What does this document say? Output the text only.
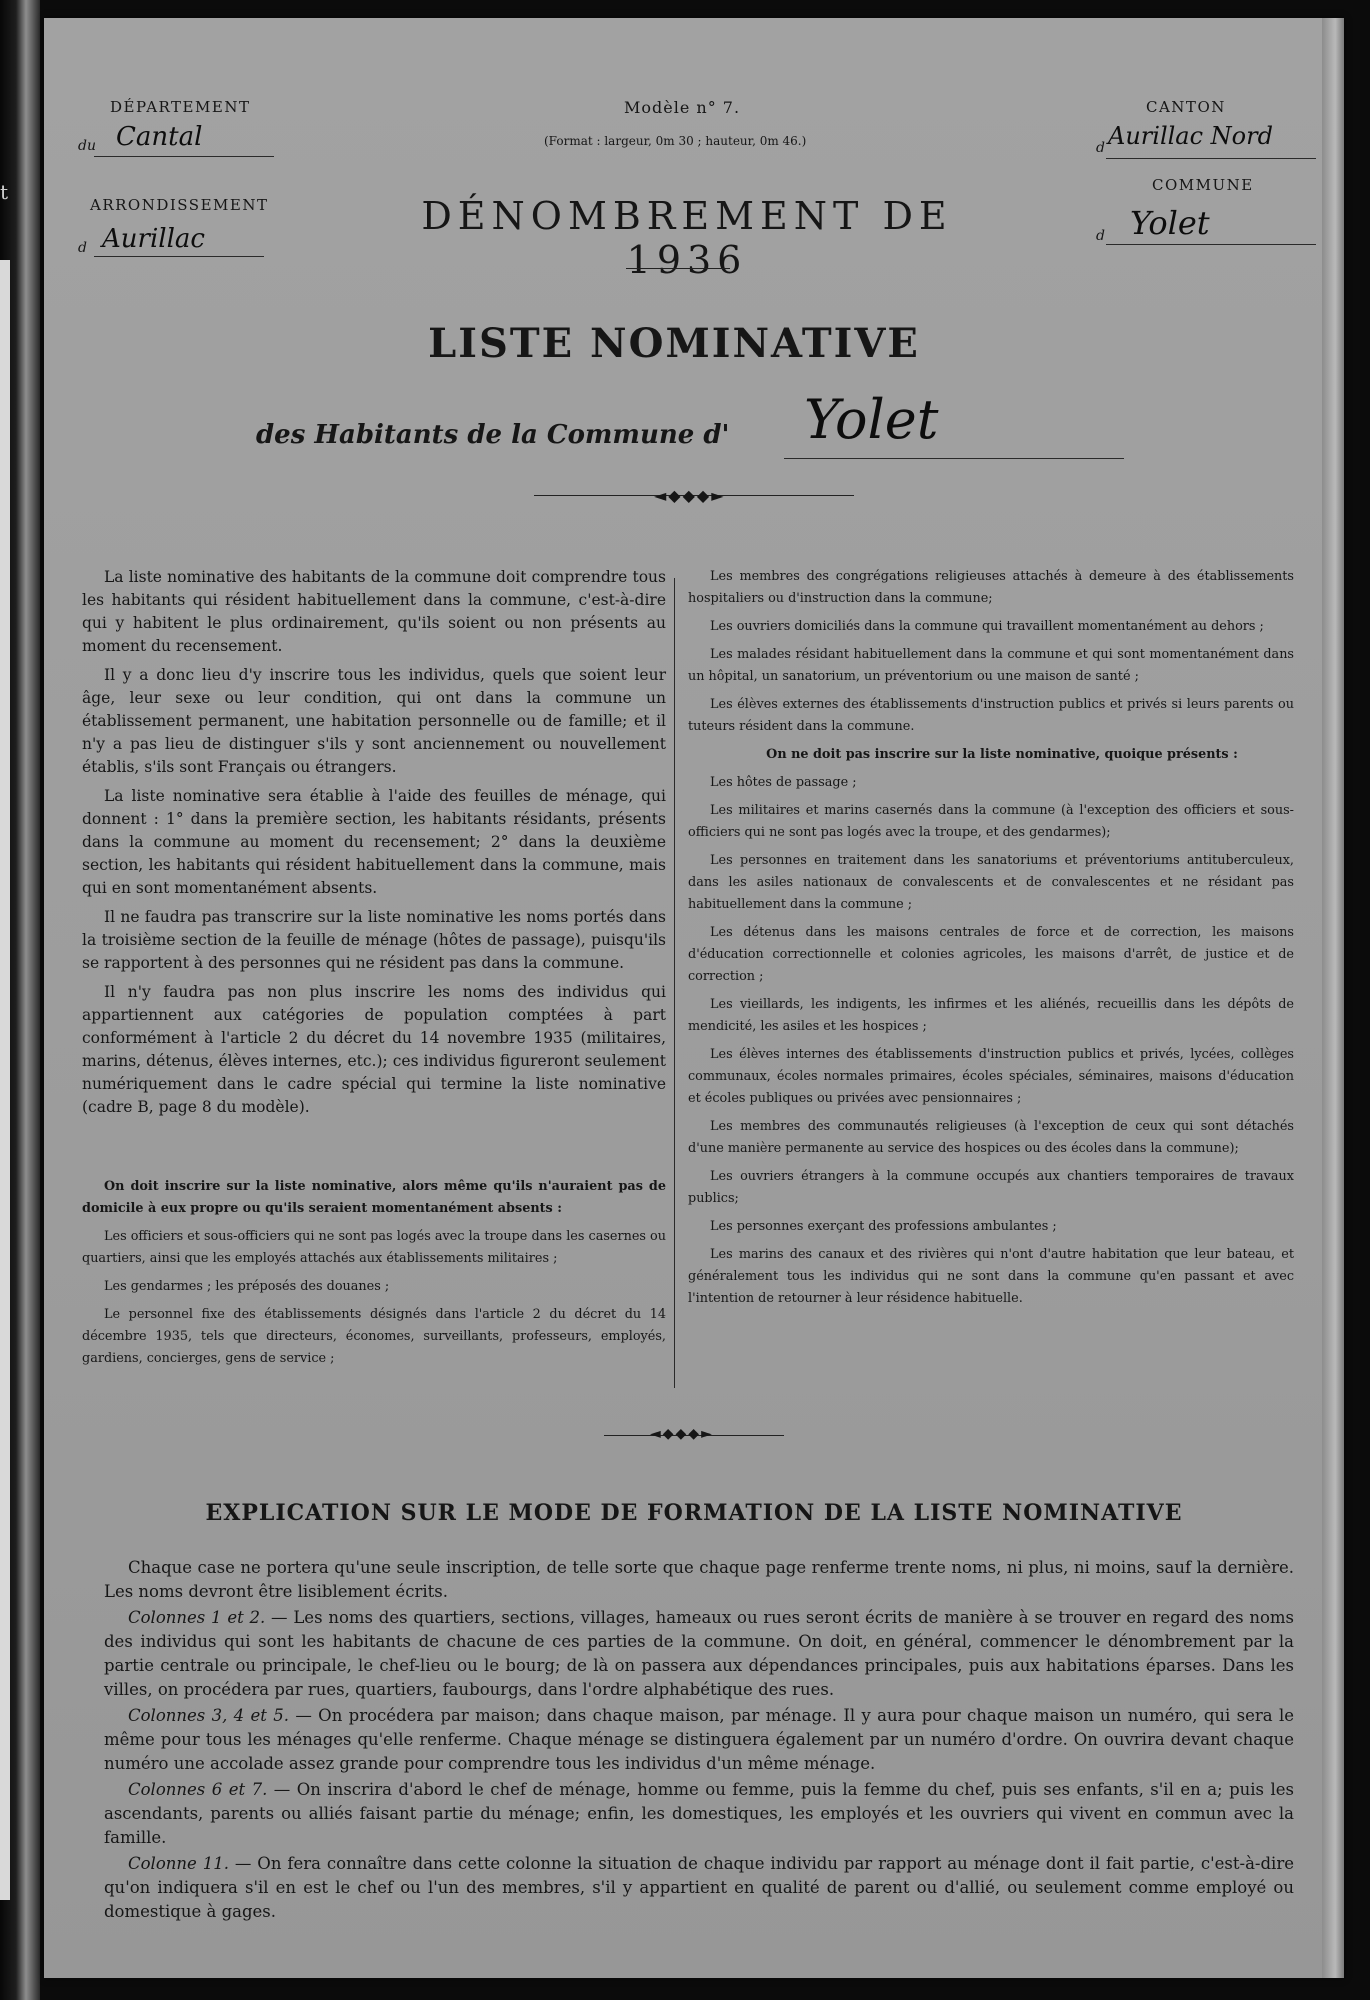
t
DÉPARTEMENT
du Cantal
ARRONDISSEMENT
d Aurillac
Modèle n° 7.
(Format : largeur, 0m 30 ; hauteur, 0m 46.)
DÉNOMBREMENT DE 1936
CANTON
d Aurillac Nord
COMMUNE
d Yolet
LISTE NOMINATIVE
des Habitants de la Commune d' Yolet
◄◆◆◆►

La liste nominative des habitants de la commune doit comprendre tous les habitants qui résident habituellement dans la commune, c'est-à-dire qui y habitent le plus ordinairement, qu'ils soient ou non présents au moment du recensement.

Il y a donc lieu d'y inscrire tous les individus, quels que soient leur âge, leur sexe ou leur condition, qui ont dans la commune un établissement permanent, une habitation personnelle ou de famille; et il n'y a pas lieu de distinguer s'ils y sont anciennement ou nouvellement établis, s'ils sont Français ou étrangers.

La liste nominative sera établie à l'aide des feuilles de ménage, qui donnent : 1° dans la première section, les habitants résidants, présents dans la commune au moment du recensement; 2° dans la deuxième section, les habitants qui résident habituellement dans la commune, mais qui en sont momentanément absents.

Il ne faudra pas transcrire sur la liste nominative les noms portés dans la troisième section de la feuille de ménage (hôtes de passage), puisqu'ils se rapportent à des personnes qui ne résident pas dans la commune.

Il n'y faudra pas non plus inscrire les noms des individus qui appartiennent aux catégories de population comptées à part conformément à l'article 2 du décret du 14 novembre 1935 (militaires, marins, détenus, élèves internes, etc.); ces individus figureront seulement numériquement dans le cadre spécial qui termine la liste nominative (cadre B, page 8 du modèle).

On doit inscrire sur la liste nominative, alors même qu'ils n'auraient pas de domicile à eux propre ou qu'ils seraient momentanément absents :

Les officiers et sous-officiers qui ne sont pas logés avec la troupe dans les casernes ou quartiers, ainsi que les employés attachés aux établissements militaires ;

Les gendarmes ; les préposés des douanes ;

Le personnel fixe des établissements désignés dans l'article 2 du décret du 14 décembre 1935, tels que directeurs, économes, surveillants, professeurs, employés, gardiens, concierges, gens de service ;

Les membres des congrégations religieuses attachés à demeure à des établissements hospitaliers ou d'instruction dans la commune;

Les ouvriers domiciliés dans la commune qui travaillent momentanément au dehors ;

Les malades résidant habituellement dans la commune et qui sont momentanément dans un hôpital, un sanatorium, un préventorium ou une maison de santé ;

Les élèves externes des établissements d'instruction publics et privés si leurs parents ou tuteurs résident dans la commune.

On ne doit pas inscrire sur la liste nominative, quoique présents :

Les hôtes de passage ;

Les militaires et marins casernés dans la commune (à l'exception des officiers et sous-officiers qui ne sont pas logés avec la troupe, et des gendarmes);

Les personnes en traitement dans les sanatoriums et préventoriums antituberculeux, dans les asiles nationaux de convalescents et de convalescentes et ne résidant pas habituellement dans la commune ;

Les détenus dans les maisons centrales de force et de correction, les maisons d'éducation correctionnelle et colonies agricoles, les maisons d'arrêt, de justice et de correction ;

Les vieillards, les indigents, les infirmes et les aliénés, recueillis dans les dépôts de mendicité, les asiles et les hospices ;

Les élèves internes des établissements d'instruction publics et privés, lycées, collèges communaux, écoles normales primaires, écoles spéciales, séminaires, maisons d'éducation et écoles publiques ou privées avec pensionnaires ;

Les membres des communautés religieuses (à l'exception de ceux qui sont détachés d'une manière permanente au service des hospices ou des écoles dans la commune);

Les ouvriers étrangers à la commune occupés aux chantiers temporaires de travaux publics;

Les personnes exerçant des professions ambulantes ;

Les marins des canaux et des rivières qui n'ont d'autre habitation que leur bateau, et généralement tous les individus qui ne sont dans la commune qu'en passant et avec l'intention de retourner à leur résidence habituelle.

◄◆◆◆►
EXPLICATION SUR LE MODE DE FORMATION DE LA LISTE NOMINATIVE

Chaque case ne portera qu'une seule inscription, de telle sorte que chaque page renferme trente noms, ni plus, ni moins, sauf la dernière. Les noms devront être lisiblement écrits.

Colonnes 1 et 2. — Les noms des quartiers, sections, villages, hameaux ou rues seront écrits de manière à se trouver en regard des noms des individus qui sont les habitants de chacune de ces parties de la commune. On doit, en général, commencer le dénombrement par la partie centrale ou principale, le chef-lieu ou le bourg; de là on passera aux dépendances principales, puis aux habitations éparses. Dans les villes, on procédera par rues, quartiers, faubourgs, dans l'ordre alphabétique des rues.

Colonnes 3, 4 et 5. — On procédera par maison; dans chaque maison, par ménage. Il y aura pour chaque maison un numéro, qui sera le même pour tous les ménages qu'elle renferme. Chaque ménage se distinguera également par un numéro d'ordre. On ouvrira devant chaque numéro une accolade assez grande pour comprendre tous les individus d'un même ménage.

Colonnes 6 et 7. — On inscrira d'abord le chef de ménage, homme ou femme, puis la femme du chef, puis ses enfants, s'il en a; puis les ascendants, parents ou alliés faisant partie du ménage; enfin, les domestiques, les employés et les ouvriers qui vivent en commun avec la famille.

Colonne 11. — On fera connaître dans cette colonne la situation de chaque individu par rapport au ménage dont il fait partie, c'est-à-dire qu'on indiquera s'il en est le chef ou l'un des membres, s'il y appartient en qualité de parent ou d'allié, ou seulement comme employé ou domestique à gages.
